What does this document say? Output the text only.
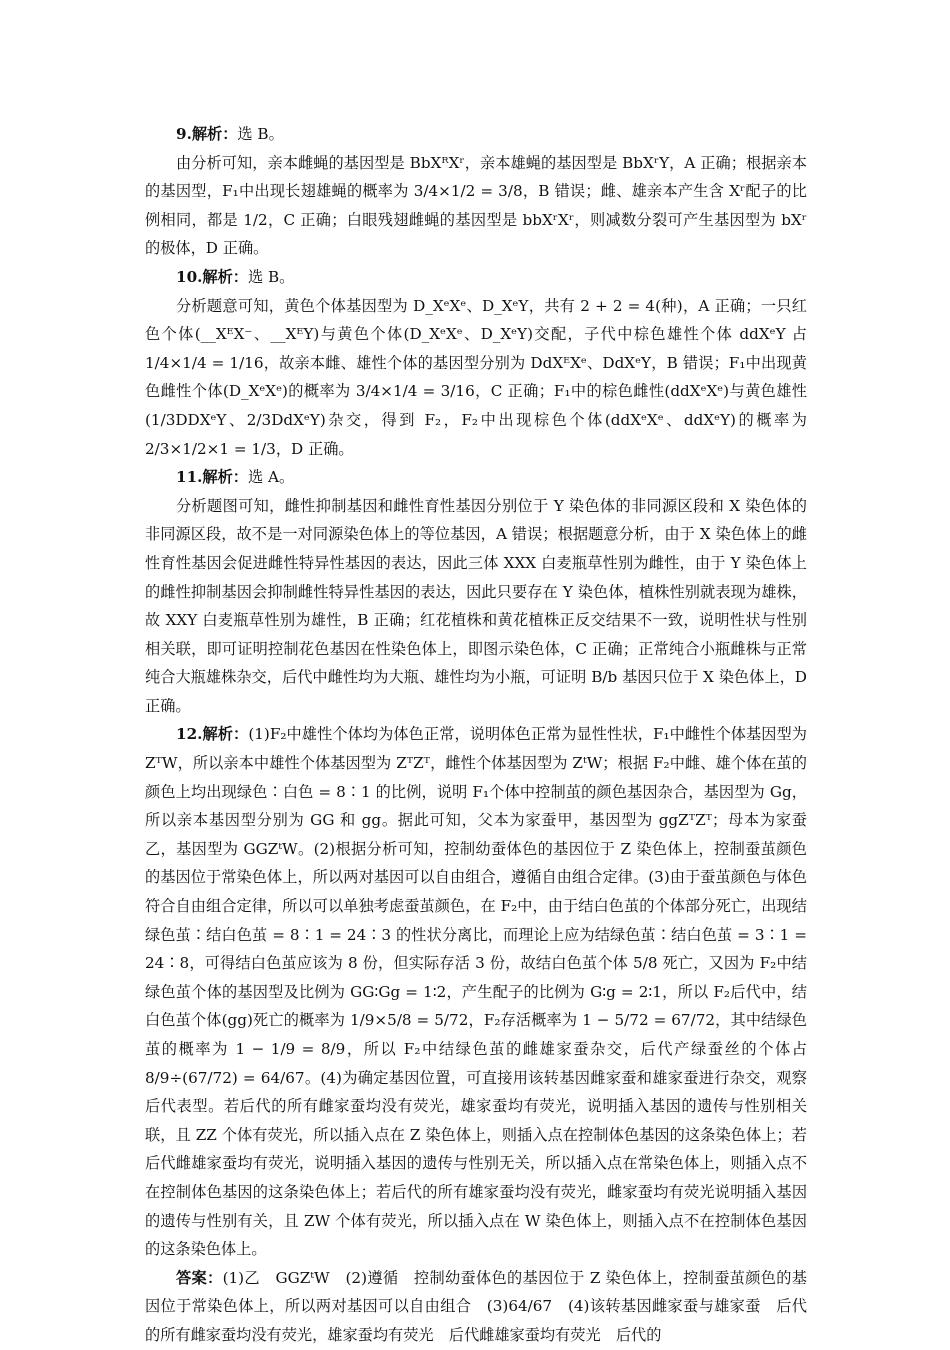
9.解析：选 B。

由分析可知，亲本雌蝇的基因型是 BbXᴿXʳ，亲本雄蝇的基因型是 BbXʳY，A 正确；根据亲本的基因型，F₁中出现长翅雄蝇的概率为 3/4×1/2 = 3/8，B 错误；雌、雄亲本产生含 Xʳ配子的比例相同，都是 1/2，C 正确；白眼残翅雌蝇的基因型是 bbXʳXʳ，则减数分裂可产生基因型为 bXʳ的极体，D 正确。

10.解析：选 B。

分析题意可知，黄色个体基因型为 D_XᵉXᵉ、D_XᵉY，共有 2 + 2 = 4(种)，A 正确；一只红色个体(__XᴱX⁻、__XᴱY)与黄色个体(D_XᵉXᵉ、D_XᵉY)交配，子代中棕色雄性个体 ddXᵉY 占 1/4×1/4 = 1/16，故亲本雌、雄性个体的基因型分别为 DdXᴱXᵉ、DdXᵉY，B 错误；F₁中出现黄色雌性个体(D_XᵉXᵉ)的概率为 3/4×1/4 = 3/16，C 正确；F₁中的棕色雌性(ddXᵉXᵉ)与黄色雄性(1/3DDXᵉY、2/3DdXᵉY)杂交，得到 F₂，F₂中出现棕色个体(ddXᵉXᵉ、ddXᵉY)的概率为 2/3×1/2×1 = 1/3，D 正确。

11.解析：选 A。

分析题图可知，雌性抑制基因和雌性育性基因分别位于 Y 染色体的非同源区段和 X 染色体的非同源区段，故不是一对同源染色体上的等位基因，A 错误；根据题意分析，由于 X 染色体上的雌性育性基因会促进雌性特异性基因的表达，因此三体 XXX 白麦瓶草性别为雌性，由于 Y 染色体上的雌性抑制基因会抑制雌性特异性基因的表达，因此只要存在 Y 染色体，植株性别就表现为雄株，故 XXY 白麦瓶草性别为雄性，B 正确；红花植株和黄花植株正反交结果不一致，说明性状与性别相关联，即可证明控制花色基因在性染色体上，即图示染色体，C 正确；正常纯合小瓶雌株与正常纯合大瓶雄株杂交，后代中雌性均为大瓶、雄性均为小瓶，可证明 B/b 基因只位于 X 染色体上，D 正确。

12.解析：(1)F₂中雄性个体均为体色正常，说明体色正常为显性性状，F₁中雌性个体基因型为 ZᵀW，所以亲本中雄性个体基因型为 ZᵀZᵀ，雌性个体基因型为 ZᵗW；根据 F₂中雌、雄个体在茧的颜色上均出现绿色∶白色 = 8∶1 的比例，说明 F₁个体中控制茧的颜色基因杂合，基因型为 Gg，所以亲本基因型分别为 GG 和 gg。据此可知，父本为家蚕甲，基因型为 ggZᵀZᵀ；母本为家蚕乙，基因型为 GGZᵗW。(2)根据分析可知，控制幼蚕体色的基因位于 Z 染色体上，控制蚕茧颜色的基因位于常染色体上，所以两对基因可以自由组合，遵循自由组合定律。(3)由于蚕茧颜色与体色符合自由组合定律，所以可以单独考虑蚕茧颜色，在 F₂中，由于结白色茧的个体部分死亡，出现结绿色茧∶结白色茧 = 8∶1 = 24∶3 的性状分离比，而理论上应为结绿色茧∶结白色茧 = 3∶1 = 24∶8，可得结白色茧应该为 8 份，但实际存活 3 份，故结白色茧个体 5/8 死亡，又因为 F₂中结绿色茧个体的基因型及比例为 GG∶Gg = 1∶2，产生配子的比例为 G∶g = 2∶1，所以 F₂后代中，结白色茧个体(gg)死亡的概率为 1/9×5/8 = 5/72，F₂存活概率为 1 − 5/72 = 67/72，其中结绿色茧的概率为 1 − 1/9 = 8/9，所以 F₂中结绿色茧的雌雄家蚕杂交，后代产绿蚕丝的个体占 8/9÷(67/72) = 64/67。(4)为确定基因位置，可直接用该转基因雌家蚕和雄家蚕进行杂交，观察后代表型。若后代的所有雌家蚕均没有荧光，雄家蚕均有荧光，说明插入基因的遗传与性别相关联，且 ZZ 个体有荧光，所以插入点在 Z 染色体上，则插入点在控制体色基因的这条染色体上；若后代雌雄家蚕均有荧光，说明插入基因的遗传与性别无关，所以插入点在常染色体上，则插入点不在控制体色基因的这条染色体上；若后代的所有雄家蚕均没有荧光，雌家蚕均有荧光说明插入基因的遗传与性别有关，且 ZW 个体有荧光，所以插入点在 W 染色体上，则插入点不在控制体色基因的这条染色体上。

答案：(1)乙　GGZᵗW　(2)遵循　控制幼蚕体色的基因位于 Z 染色体上，控制蚕茧颜色的基因位于常染色体上，所以两对基因可以自由组合　(3)64/67　(4)该转基因雌家蚕与雄家蚕　后代的所有雌家蚕均没有荧光，雄家蚕均有荧光　后代雌雄家蚕均有荧光　后代的
